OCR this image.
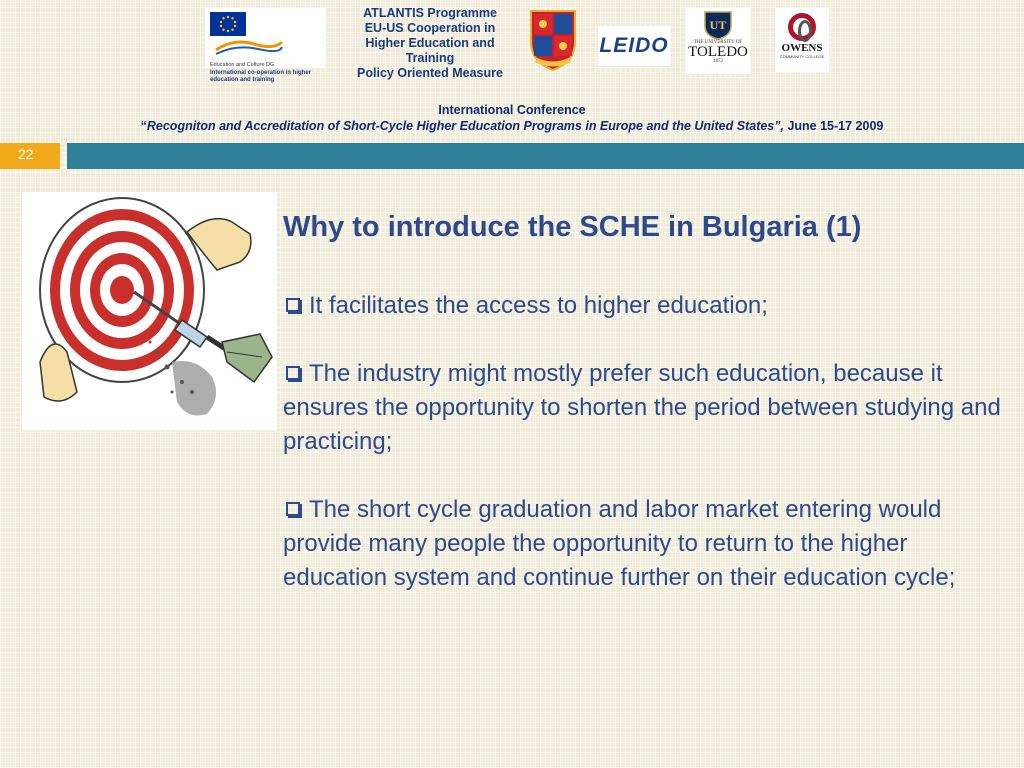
Education and Culture DG
International co-operation in higher education and training
ATLANTIS Programme
EU-US Cooperation in
Higher Education and
Training
Policy Oriented Measure
LEIDO
UT
THE UNIVERSITY OF
TOLEDO
1872
OWENS
COMMUNITY COLLEGE
International Conference
“Recogniton and Accreditation of Short-Cycle Higher Education Programs in Europe and the United States”, June 15-17 2009
22
Why to introduce the SCHE in Bulgaria (1)
It facilitates the access to higher education;
The industry might mostly prefer such education, because it ensures the opportunity to shorten the period between studying and practicing;
The short cycle graduation and labor market entering would provide many people the opportunity to return to the higher education system and continue further on their education cycle;
